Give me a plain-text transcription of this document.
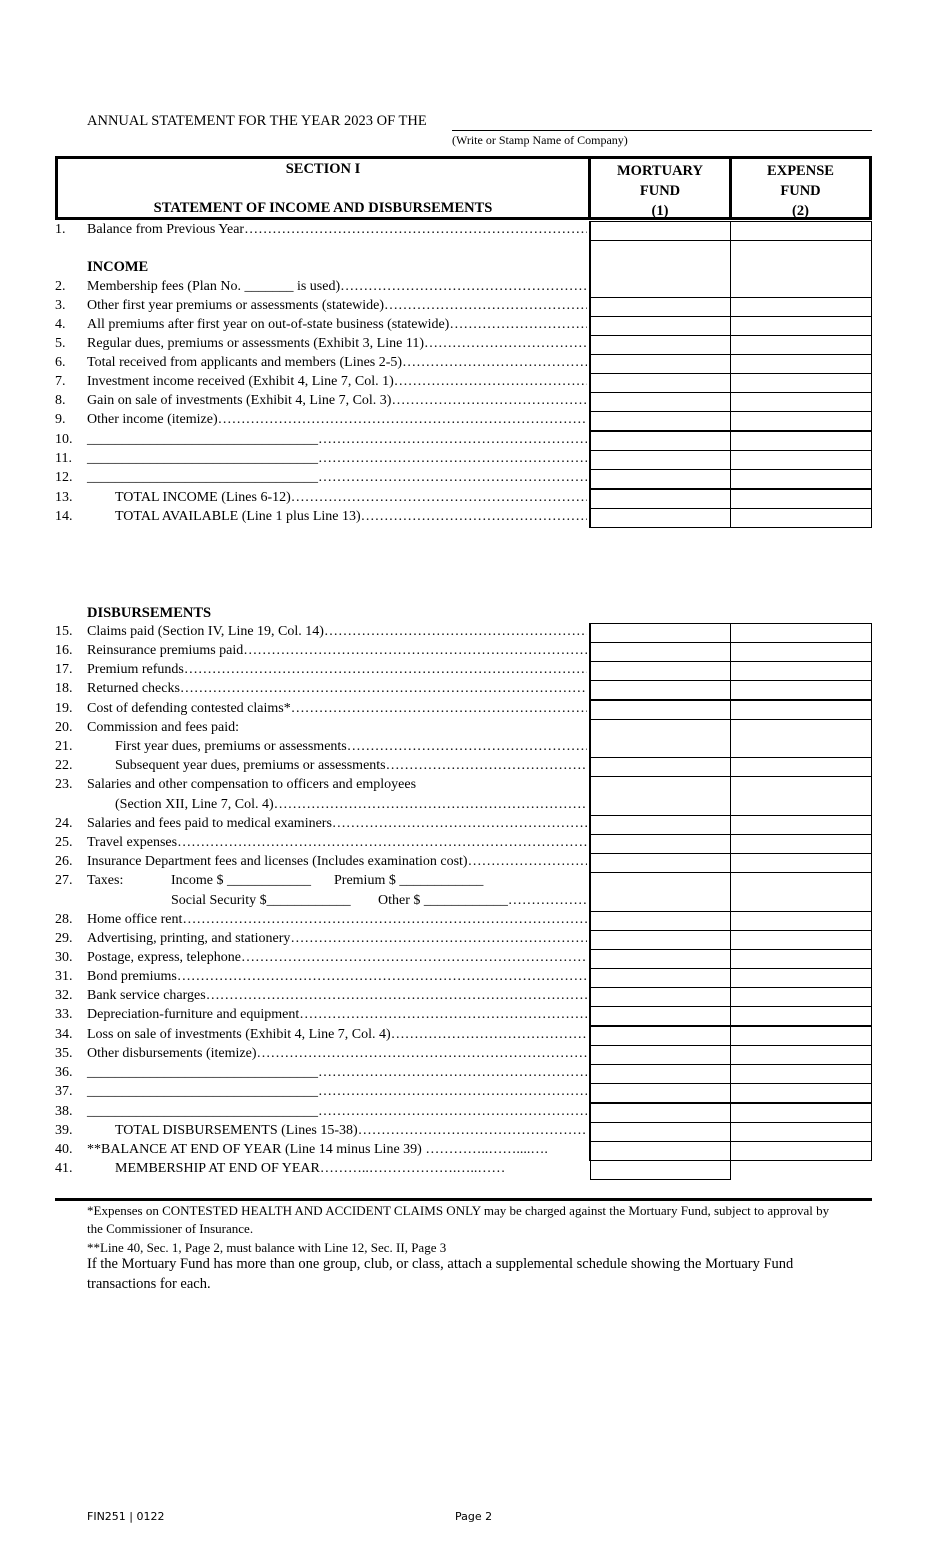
ANNUAL STATEMENT FOR THE YEAR 2023 OF THE
(Write or Stamp Name of Company)
SECTION I
STATEMENT OF INCOME AND DISBURSEMENTS
MORTUARY
FUND
(1)
EXPENSE
FUND
(2)
INCOME
DISBURSEMENTS
1.	Balance from Previous Year
……………………………………………………………………………………………………………………………………………………………………………
2.	Membership fees (Plan No. _______ is used)
……………………………………………………………………………………………………………………………………………………………………………
3.	Other first year premiums or assessments (statewide)
……………………………………………………………………………………………………………………………………………………………………………
4.	All premiums after first year on out-of-state business (statewide)
……………………………………………………………………………………………………………………………………………………………………………
5.	Regular dues, premiums or assessments (Exhibit 3, Line 11)
……………………………………………………………………………………………………………………………………………………………………………
6.	Total received from applicants and members (Lines 2-5)
……………………………………………………………………………………………………………………………………………………………………………
7.	Investment income received (Exhibit 4, Line 7, Col. 1)
……………………………………………………………………………………………………………………………………………………………………………
8.	Gain on sale of investments (Exhibit 4, Line 7, Col. 3)
……………………………………………………………………………………………………………………………………………………………………………
9.	Other income (itemize)
……………………………………………………………………………………………………………………………………………………………………………
10.	_________________________________
……………………………………………………………………………………………………………………………………………………………………………
11.	_________________________________
……………………………………………………………………………………………………………………………………………………………………………
12.	_________________________________
……………………………………………………………………………………………………………………………………………………………………………
13.	TOTAL INCOME (Lines 6-12)
……………………………………………………………………………………………………………………………………………………………………………
14.	TOTAL AVAILABLE (Line 1 plus Line 13)
……………………………………………………………………………………………………………………………………………………………………………
15.	Claims paid (Section IV, Line 19, Col. 14)
……………………………………………………………………………………………………………………………………………………………………………
16.	Reinsurance premiums paid
……………………………………………………………………………………………………………………………………………………………………………
17.	Premium refunds
……………………………………………………………………………………………………………………………………………………………………………
18.	Returned checks
……………………………………………………………………………………………………………………………………………………………………………
19.	Cost of defending contested claims*
……………………………………………………………………………………………………………………………………………………………………………
20.	Commission and fees paid:
21.	First year dues, premiums or assessments
……………………………………………………………………………………………………………………………………………………………………………
22.	Subsequent year dues, premiums or assessments
……………………………………………………………………………………………………………………………………………………………………………
23.	Salaries and other compensation to officers and employees
(Section XII, Line 7, Col. 4)
……………………………………………………………………………………………………………………………………………………………………………
24.	Salaries and fees paid to medical examiners
……………………………………………………………………………………………………………………………………………………………………………
25.	Travel expenses
……………………………………………………………………………………………………………………………………………………………………………
26.	Insurance Department fees and licenses (Includes examination cost)
……………………………………………………………………………………………………………………………………………………………………………
27.	Taxes:	Income $ ____________ Premium $ ____________
Social Security $____________ Other $ ____________
……………………………………………………………………………………………………………………………………………………………………………
28.	Home office rent
……………………………………………………………………………………………………………………………………………………………………………
29.	Advertising, printing, and stationery
……………………………………………………………………………………………………………………………………………………………………………
30.	Postage, express, telephone
……………………………………………………………………………………………………………………………………………………………………………
31.	Bond premiums
……………………………………………………………………………………………………………………………………………………………………………
32.	Bank service charges
……………………………………………………………………………………………………………………………………………………………………………
33.	Depreciation-furniture and equipment
……………………………………………………………………………………………………………………………………………………………………………
34.	Loss on sale of investments (Exhibit 4, Line 7, Col. 4)
……………………………………………………………………………………………………………………………………………………………………………
35.	Other disbursements (itemize)
……………………………………………………………………………………………………………………………………………………………………………
36.	_________________________________
……………………………………………………………………………………………………………………………………………………………………………
37.	_________________________________
……………………………………………………………………………………………………………………………………………………………………………
38.	_________________________________
……………………………………………………………………………………………………………………………………………………………………………
39.	TOTAL DISBURSEMENTS (Lines 15-38)
……………………………………………………………………………………………………………………………………………………………………………
40.	**BALANCE AT END OF YEAR (Line 14 minus Line 39) …………..……....….
41.	MEMBERSHIP AT END OF YEAR………..……………….…..……
*Expenses on CONTESTED HEALTH AND ACCIDENT CLAIMS ONLY may be charged against the Mortuary Fund, subject to approval by the Commissioner of Insurance.
**Line 40, Sec. 1, Page 2, must balance with Line 12, Sec. II, Page 3
If the Mortuary Fund has more than one group, club, or class, attach a supplemental schedule showing the Mortuary Fund transactions for each.
FIN251 | 0122	Page 2
